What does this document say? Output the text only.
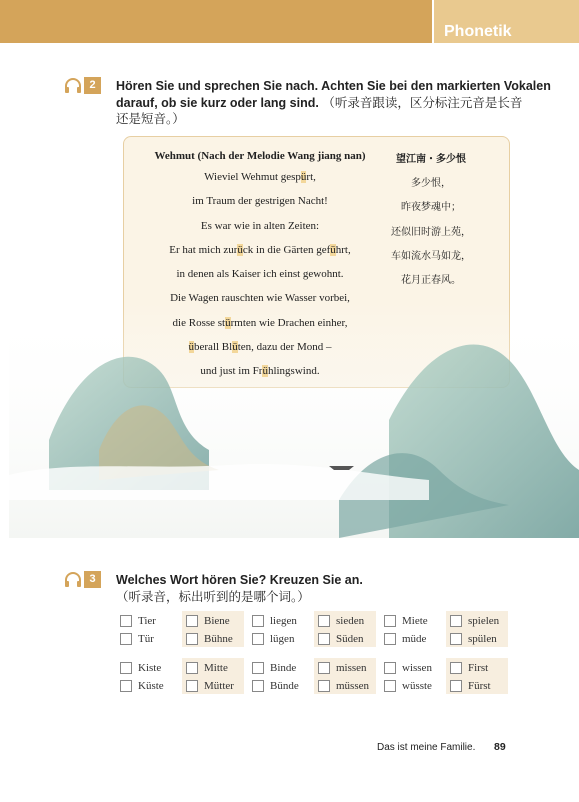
Phonetik
2	Hören Sie und sprechen Sie nach. Achten Sie bei den markierten Vokalen
darauf, ob sie kurz oder lang sind. （听录音跟读，区分标注元音是长音
还是短音。）
Wehmut (Nach der Melodie Wang jiang nan)
Wieviel Wehmut gespürt,
im Traum der gestrigen Nacht!
Es war wie in alten Zeiten:
Er hat mich zurück in die Gärten geführt,
in denen als Kaiser ich einst gewohnt.
Die Wagen rauschten wie Wasser vorbei,
die Rosse stürmten wie Drachen einher,
überall Blüten, dazu der Mond –
und just im Frühlingswind.
望江南・多少恨
多少恨，
昨夜梦魂中；
还似旧时游上苑，
车如流水马如龙，
花月正春风。
3	Welches Wort hören Sie? Kreuzen Sie an.
（听录音，标出听到的是哪个词。）
Tier
Tür
Biene
Bühne
liegen
lügen
sieden
Süden
Miete
müde
spielen
spülen
Kiste
Küste
Mitte
Mütter
Binde
Bünde
missen
müssen
wissen
wüsste
First
Fürst
Das ist meine Familie. 89
